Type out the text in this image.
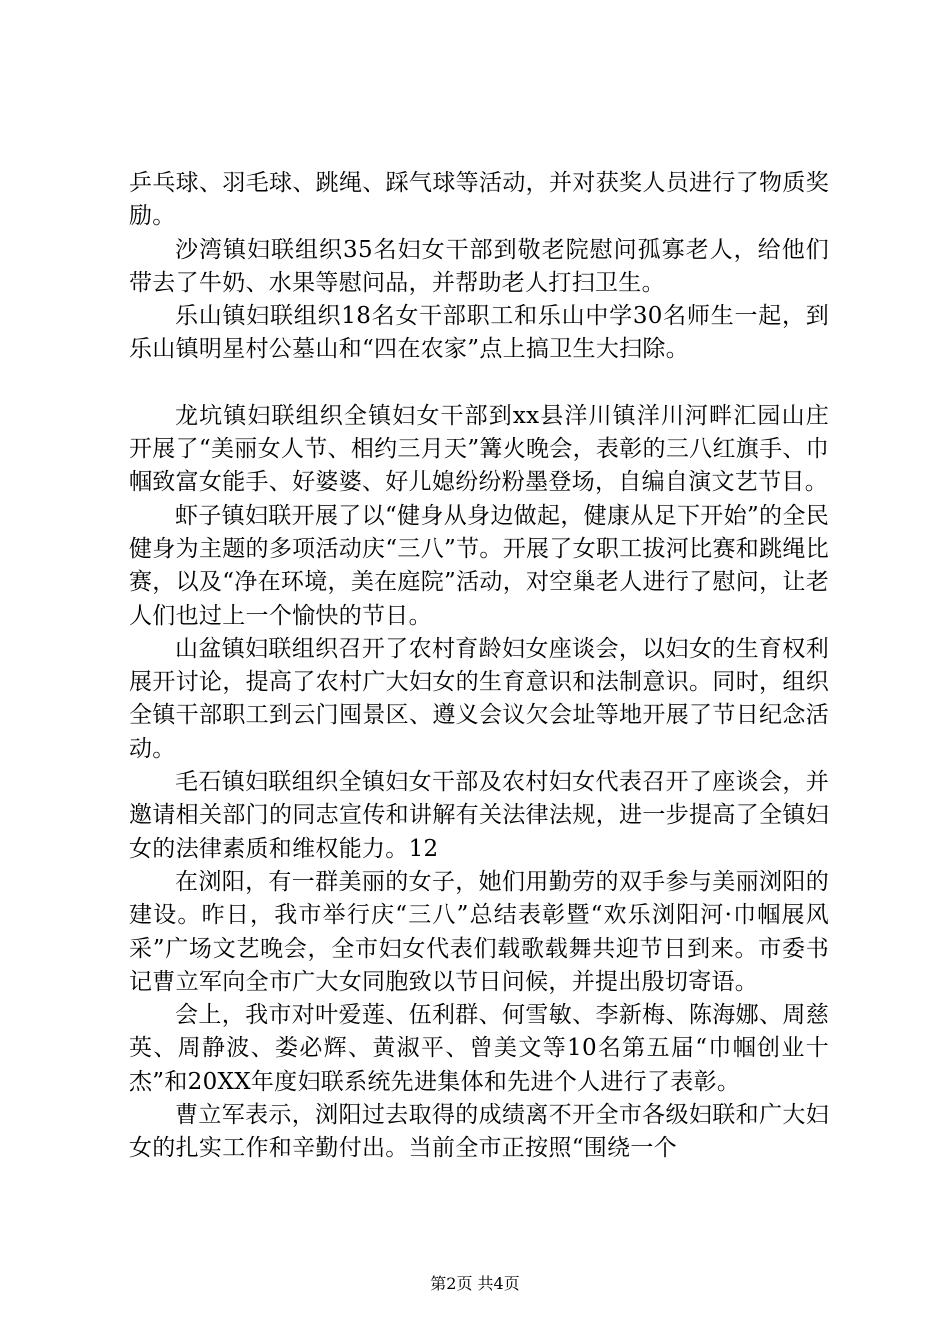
乒乓球、羽毛球、跳绳、踩气球等活动，并对获奖人员进行了物质奖励。

沙湾镇妇联组织35名妇女干部到敬老院慰问孤寡老人，给他们带去了牛奶、水果等慰问品，并帮助老人打扫卫生。

乐山镇妇联组织18名女干部职工和乐山中学30名师生一起，到乐山镇明星村公墓山和“四在农家”点上搞卫生大扫除。

龙坑镇妇联组织全镇妇女干部到xx县洋川镇洋川河畔汇园山庄开展了“美丽女人节、相约三月天”篝火晚会，表彰的三八红旗手、巾帼致富女能手、好婆婆、好儿媳纷纷粉墨登场，自编自演文艺节目。

虾子镇妇联开展了以“健身从身边做起，健康从足下开始”的全民健身为主题的多项活动庆“三八”节。开展了女职工拔河比赛和跳绳比赛，以及“净在环境，美在庭院”活动，对空巢老人进行了慰问，让老人们也过上一个愉快的节日。

山盆镇妇联组织召开了农村育龄妇女座谈会，以妇女的生育权利展开讨论，提高了农村广大妇女的生育意识和法制意识。同时，组织全镇干部职工到云门囤景区、遵义会议欠会址等地开展了节日纪念活动。

毛石镇妇联组织全镇妇女干部及农村妇女代表召开了座谈会，并邀请相关部门的同志宣传和讲解有关法律法规，进一步提高了全镇妇女的法律素质和维权能力。12

在浏阳，有一群美丽的女子，她们用勤劳的双手参与美丽浏阳的建设。昨日，我市举行庆“三八”总结表彰暨“欢乐浏阳河·巾帼展风采”广场文艺晚会，全市妇女代表们载歌载舞共迎节日到来。市委书记曹立军向全市广大女同胞致以节日问候，并提出殷切寄语。

会上，我市对叶爱莲、伍利群、何雪敏、李新梅、陈海娜、周慈英、周静波、娄必辉、黄淑平、曾美文等10名第五届“巾帼创业十杰”和20XX年度妇联系统先进集体和先进个人进行了表彰。

曹立军表示，浏阳过去取得的成绩离不开全市各级妇联和广大妇女的扎实工作和辛勤付出。当前全市正按照“围绕一个

第2页 共4页
